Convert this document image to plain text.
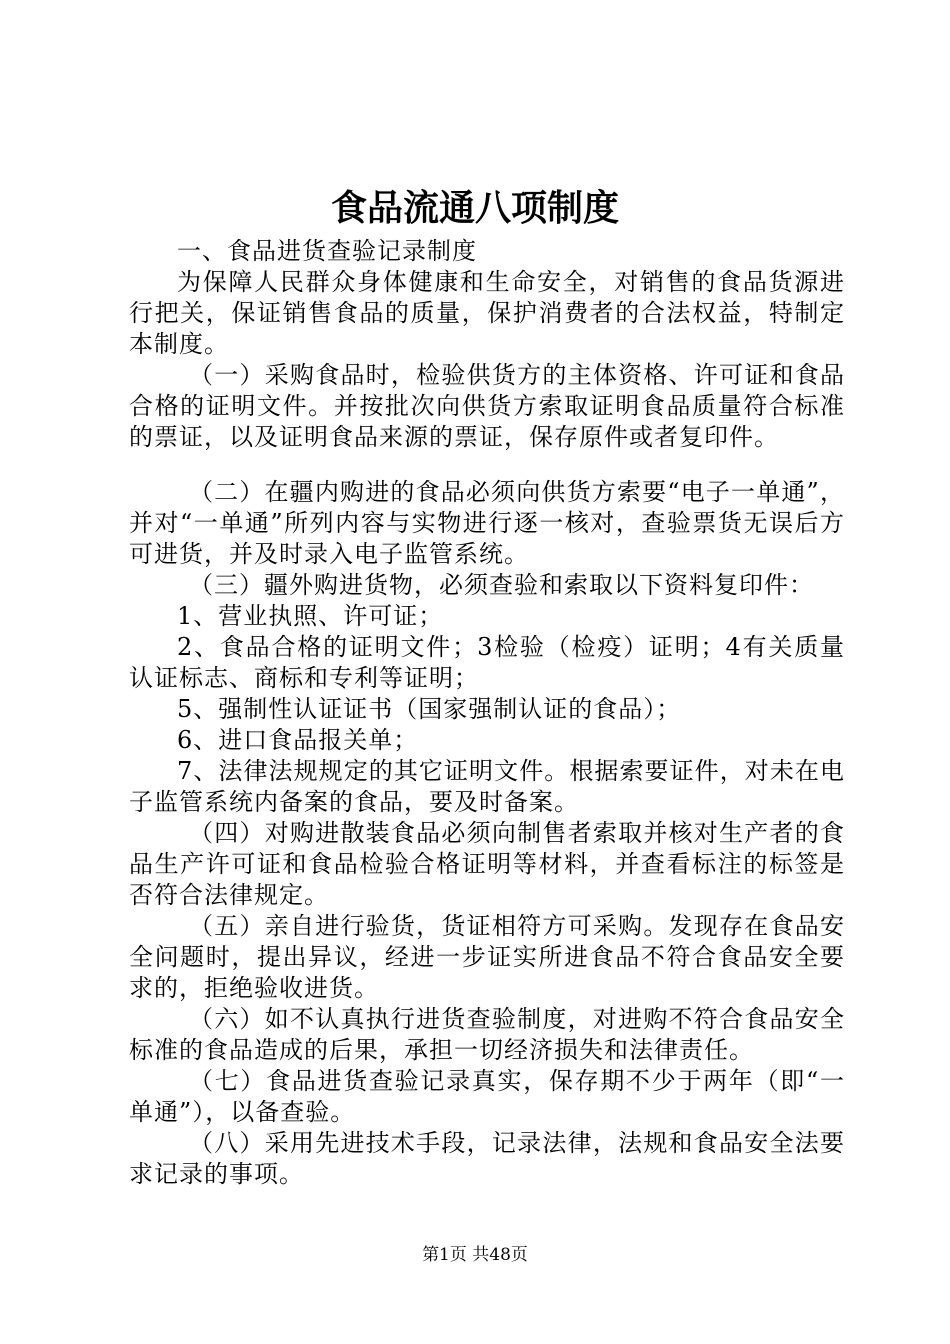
食品流通八项制度

一、食品进货查验记录制度

为保障人民群众身体健康和生命安全，对销售的食品货源进行把关，保证销售食品的质量，保护消费者的合法权益，特制定本制度。

（一）采购食品时，检验供货方的主体资格、许可证和食品合格的证明文件。并按批次向供货方索取证明食品质量符合标准的票证，以及证明食品来源的票证，保存原件或者复印件。

（二）在疆内购进的食品必须向供货方索要“电子一单通”，并对“一单通”所列内容与实物进行逐一核对，查验票货无误后方可进货，并及时录入电子监管系统。

（三）疆外购进货物，必须查验和索取以下资料复印件：

1、营业执照、许可证；

2、食品合格的证明文件；3检验（检疫）证明；4有关质量认证标志、商标和专利等证明；

5、强制性认证证书（国家强制认证的食品）；

6、进口食品报关单；

7、法律法规规定的其它证明文件。根据索要证件，对未在电子监管系统内备案的食品，要及时备案。

（四）对购进散装食品必须向制售者索取并核对生产者的食品生产许可证和食品检验合格证明等材料，并查看标注的标签是否符合法律规定。

（五）亲自进行验货，货证相符方可采购。发现存在食品安全问题时，提出异议，经进一步证实所进食品不符合食品安全要求的，拒绝验收进货。

（六）如不认真执行进货查验制度，对进购不符合食品安全标准的食品造成的后果，承担一切经济损失和法律责任。

（七）食品进货查验记录真实，保存期不少于两年（即“一单通”），以备查验。

（八）采用先进技术手段，记录法律，法规和食品安全法要求记录的事项。

第1页 共48页
